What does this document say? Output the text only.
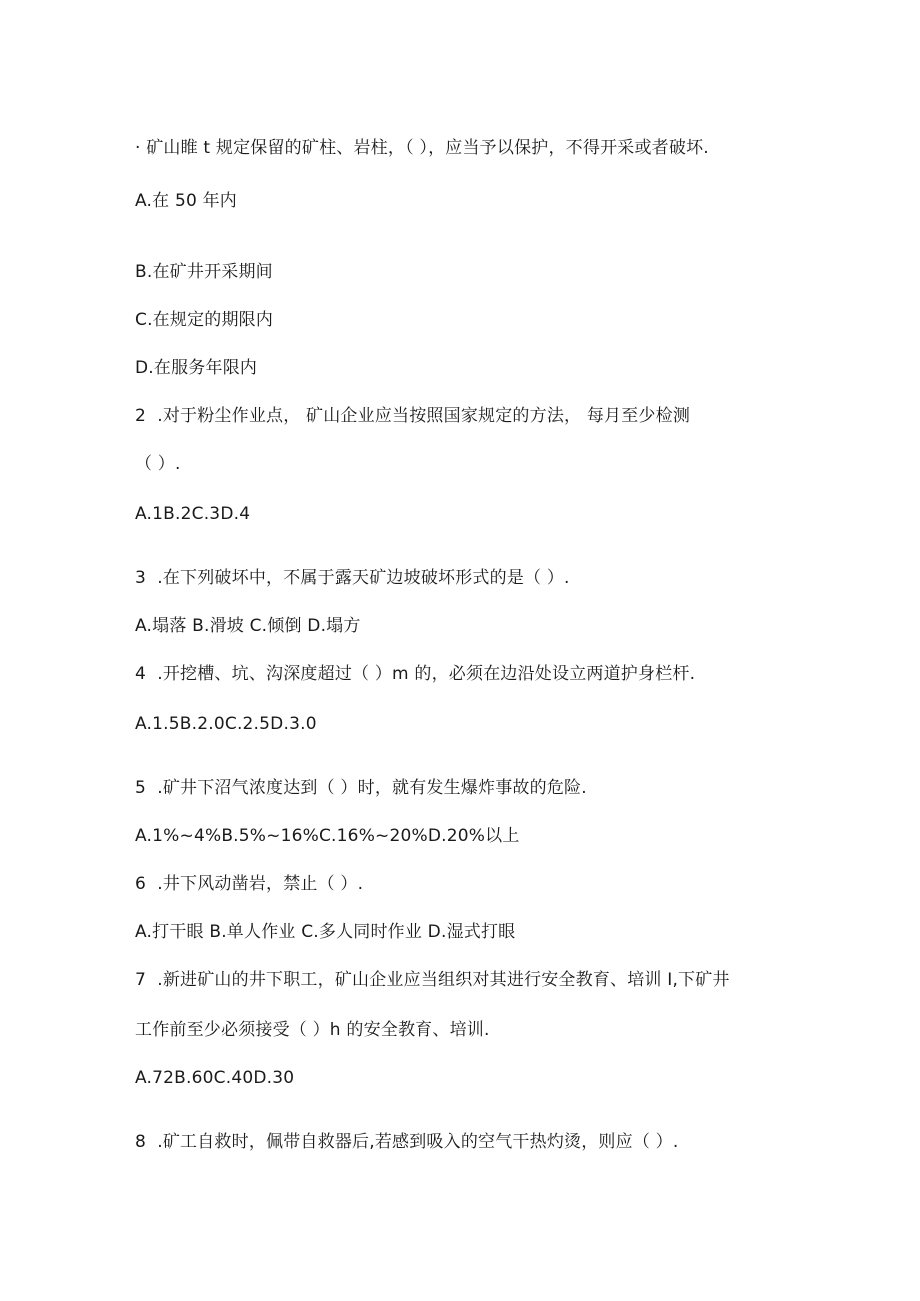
· 矿山睢 t 规定保留的矿柱、岩柱，（ ），应当予以保护，不得开采或者破坏.
A.在 50 年内
B.在矿井开采期间
C.在规定的期限内
D.在服务年限内
2  .对于粉尘作业点， 矿山企业应当按照国家规定的方法， 每月至少检测
（ ）.
A.1B.2C.3D.4
3  .在下列破坏中，不属于露天矿边坡破坏形式的是（ ）.
A.塌落 B.滑坡 C.倾倒 D.塌方
4  .开挖槽、坑、沟深度超过（ ）m 的，必须在边沿处设立两道护身栏杆.
A.1.5B.2.0C.2.5D.3.0
5  .矿井下沼气浓度达到（ ）时，就有发生爆炸事故的危险.
A.1%~4%B.5%~16%C.16%~20%D.20%以上
6  .井下风动凿岩，禁止（ ）.
A.打干眼 B.单人作业 C.多人同时作业 D.湿式打眼
7  .新进矿山的井下职工，矿山企业应当组织对其进行安全教育、培训 I,下矿井
工作前至少必须接受（ ）h 的安全教育、培训.
A.72B.60C.40D.30
8  .矿工自救时，佩带自救器后,若感到吸入的空气干热灼烫，则应（ ）.
